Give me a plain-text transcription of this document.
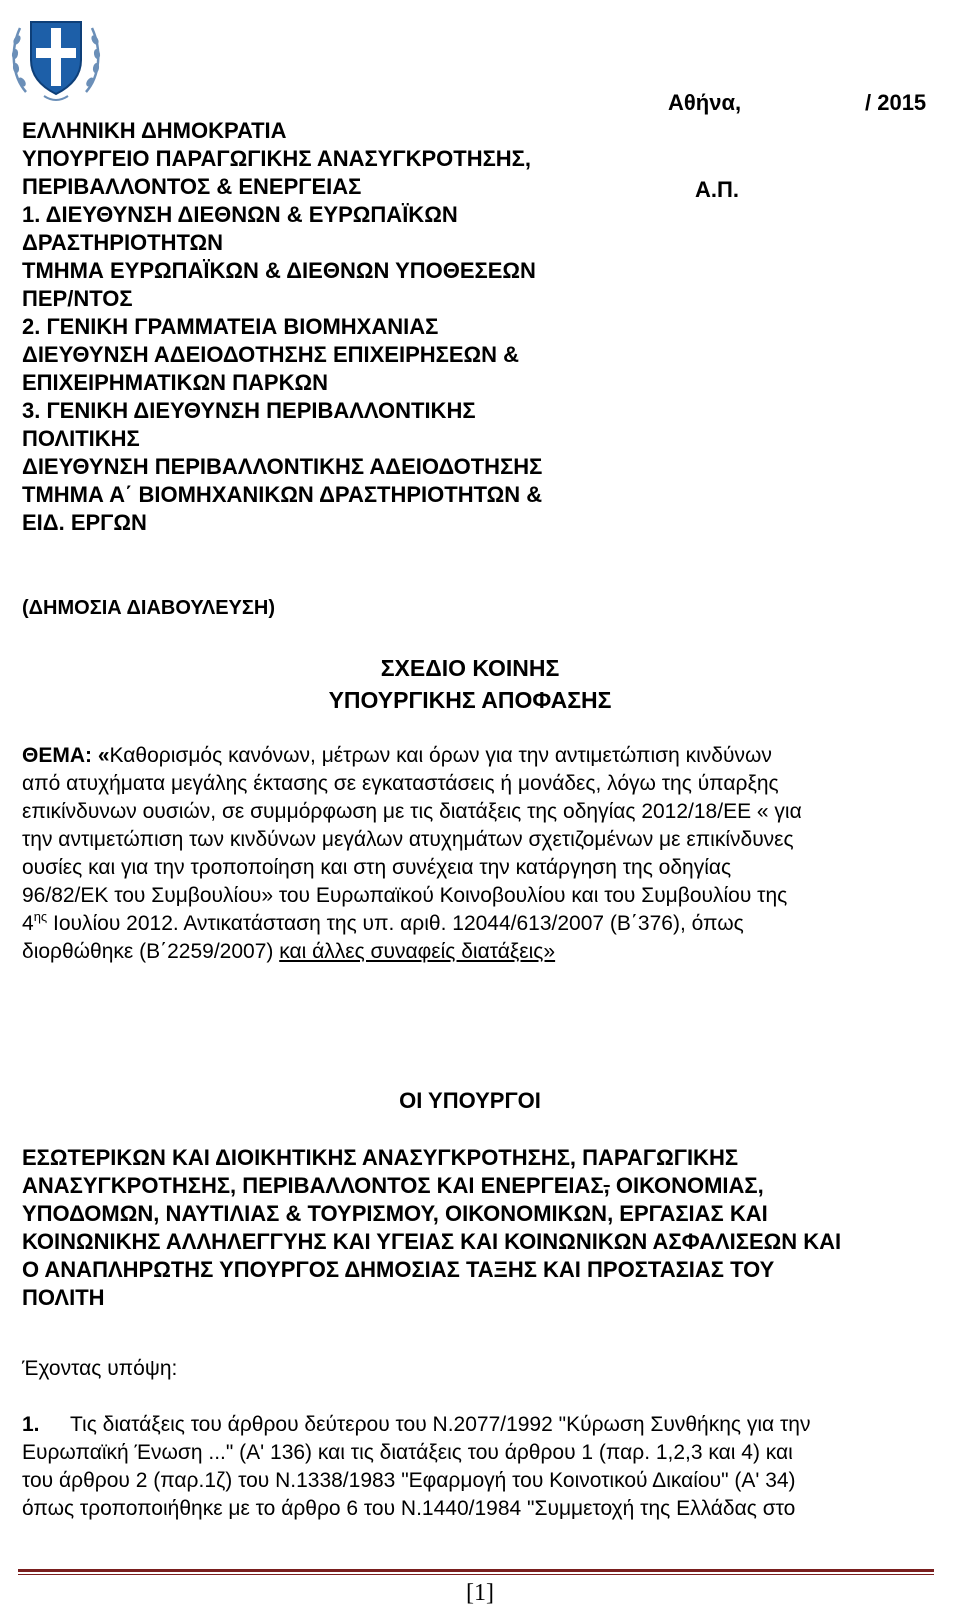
ΕΛΛΗΝΙΚΗ ΔΗΜΟΚΡΑΤΙΑ
ΥΠΟΥΡΓΕΙΟ ΠΑΡΑΓΩΓΙΚΗΣ ΑΝΑΣΥΓΚΡΟΤΗΣΗΣ,
ΠΕΡΙΒΑΛΛΟΝΤΟΣ & ΕΝΕΡΓΕΙΑΣ
1. ΔΙΕΥΘΥΝΣΗ ΔΙΕΘΝΩΝ & ΕΥΡΩΠΑΪΚΩΝ
ΔΡΑΣΤΗΡΙΟΤΗΤΩΝ
ΤΜΗΜΑ ΕΥΡΩΠΑΪΚΩΝ & ΔΙΕΘΝΩΝ ΥΠΟΘΕΣΕΩΝ
ΠΕΡ/ΝΤΟΣ
2. ΓΕΝΙΚΗ ΓΡΑΜΜΑΤΕΙΑ ΒΙΟΜΗΧΑΝΙΑΣ
ΔΙΕΥΘΥΝΣΗ ΑΔΕΙΟΔΟΤΗΣΗΣ ΕΠΙΧΕΙΡΗΣΕΩΝ &
ΕΠΙΧΕΙΡΗΜΑΤΙΚΩΝ ΠΑΡΚΩΝ
3. ΓΕΝΙΚΗ ΔΙΕΥΘΥΝΣΗ ΠΕΡΙΒΑΛΛΟΝΤΙΚΗΣ
ΠΟΛΙΤΙΚΗΣ
ΔΙΕΥΘΥΝΣΗ ΠΕΡΙΒΑΛΛΟΝΤΙΚΗΣ ΑΔΕΙΟΔΟΤΗΣΗΣ
ΤΜΗΜΑ Α΄ ΒΙΟΜΗΧΑΝΙΚΩΝ ΔΡΑΣΤΗΡΙΟΤΗΤΩΝ &
ΕΙΔ. ΕΡΓΩΝ
Αθήνα,	/ 2015
Α.Π.
(ΔΗΜΟΣΙΑ ΔΙΑΒΟΥΛΕΥΣΗ)
ΣΧΕΔΙΟ ΚΟΙΝΗΣ
ΥΠΟΥΡΓΙΚΗΣ ΑΠΟΦΑΣΗΣ
ΘΕΜΑ: «Καθορισμός κανόνων, μέτρων και όρων για την αντιμετώπιση κινδύνων
από ατυχήματα μεγάλης έκτασης σε εγκαταστάσεις ή μονάδες, λόγω της ύπαρξης
επικίνδυνων ουσιών, σε συμμόρφωση με τις διατάξεις της οδηγίας 2012/18/ΕΕ « για
την αντιμετώπιση των κινδύνων μεγάλων ατυχημάτων σχετιζομένων με επικίνδυνες
ουσίες και για την τροποποίηση και στη συνέχεια την κατάργηση της οδηγίας
96/82/ΕΚ του Συμβουλίου» του Ευρωπαϊκού Κοινοβουλίου και του Συμβουλίου της
$4^{\eta\varsigma}$ Ιουλίου 2012. Αντικατάσταση της υπ. αριθ. 12044/613/2007 (Β΄376), όπως
διορθώθηκε (Β΄2259/2007) και άλλες συναφείς διατάξεις»
ΟΙ ΥΠΟΥΡΓΟΙ
ΕΣΩΤΕΡΙΚΩΝ ΚΑΙ ΔΙΟΙΚΗΤΙΚΗΣ ΑΝΑΣΥΓΚΡΟΤΗΣΗΣ, ΠΑΡΑΓΩΓΙΚΗΣ
ΑΝΑΣΥΓΚΡΟΤΗΣΗΣ, ΠΕΡΙΒΑΛΛΟΝΤΟΣ ΚΑΙ ΕΝΕΡΓΕΙΑΣ, ΟΙΚΟΝΟΜΙΑΣ,
ΥΠΟΔΟΜΩΝ, ΝΑΥΤΙΛΙΑΣ & ΤΟΥΡΙΣΜΟΥ, ΟΙΚΟΝΟΜΙΚΩΝ, ΕΡΓΑΣΙΑΣ ΚΑΙ
ΚΟΙΝΩΝΙΚΗΣ ΑΛΛΗΛΕΓΓΥΗΣ ΚΑΙ ΥΓΕΙΑΣ ΚΑΙ ΚΟΙΝΩΝΙΚΩΝ ΑΣΦΑΛΙΣΕΩΝ ΚΑΙ
Ο ΑΝΑΠΛΗΡΩΤΗΣ ΥΠΟΥΡΓΟΣ ΔΗΜΟΣΙΑΣ ΤΑΞΗΣ ΚΑΙ ΠΡΟΣΤΑΣΙΑΣ ΤΟΥ
ΠΟΛΙΤΗ
Έχοντας υπόψη:
1. Τις διατάξεις του άρθρου δεύτερου του Ν.2077/1992 "Κύρωση Συνθήκης για την
Ευρωπαϊκή Ένωση ..." (Α' 136) και τις διατάξεις του άρθρου 1 (παρ. 1,2,3 και 4) και
του άρθρου 2 (παρ.1ζ) του Ν.1338/1983 "Εφαρμογή του Κοινοτικού Δικαίου" (Α' 34)
όπως τροποποιήθηκε με το άρθρο 6 του Ν.1440/1984 "Συμμετοχή της Ελλάδας στο
[1]
